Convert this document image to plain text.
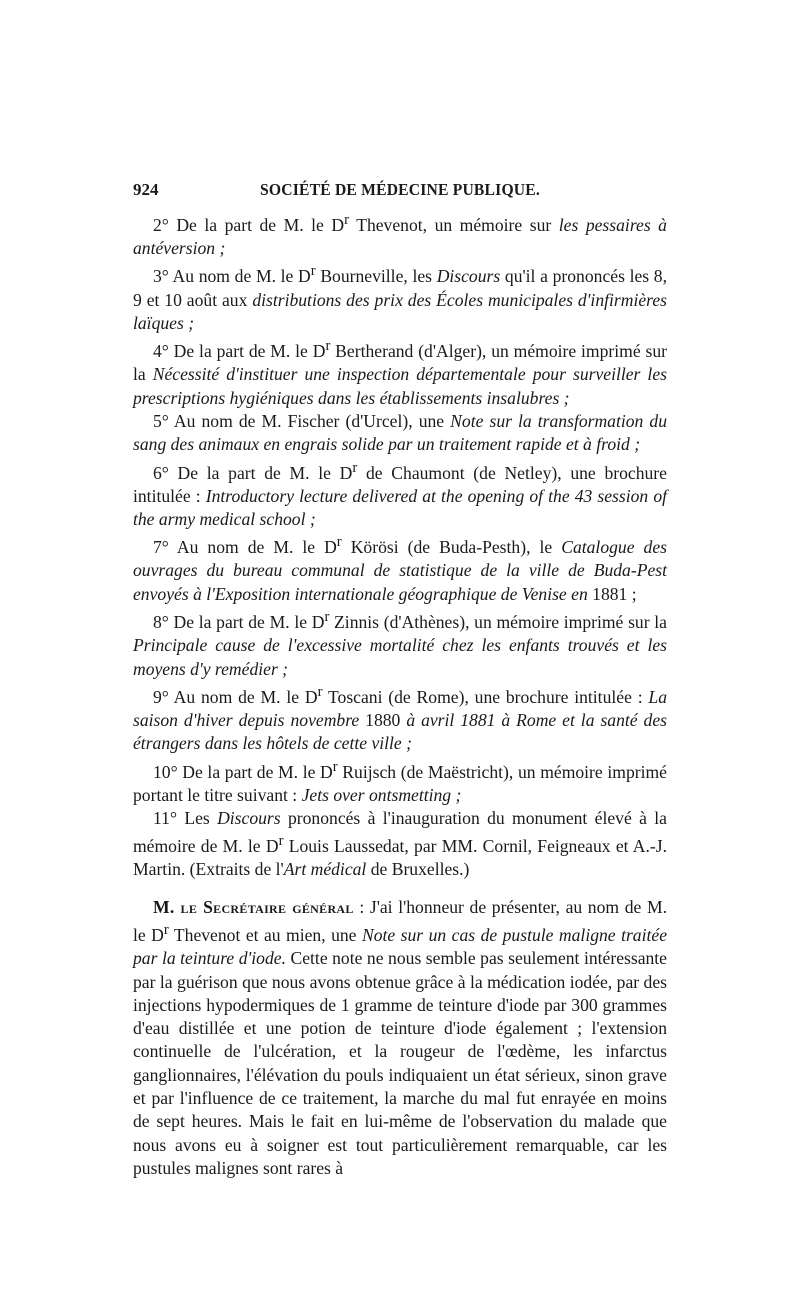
924	SOCIÉTÉ DE MÉDECINE PUBLIQUE.

2° De la part de M. le $D^r$ Thevenot, un mémoire sur les pessaires à antéversion ;

3° Au nom de M. le $D^r$ Bourneville, les Discours qu'il a prononcés les 8, 9 et 10 août aux distributions des prix des Écoles municipales d'infirmières laïques ;

4° De la part de M. le $D^r$ Bertherand (d'Alger), un mémoire imprimé sur la Nécessité d'instituer une inspection départementale pour surveiller les prescriptions hygiéniques dans les établissements insalubres ;

5° Au nom de M. Fischer (d'Urcel), une Note sur la transformation du sang des animaux en engrais solide par un traitement rapide et à froid ;

6° De la part de M. le $D^r$ de Chaumont (de Netley), une brochure intitulée : Introductory lecture delivered at the opening of the 43 session of the army medical school ;

7° Au nom de M. le $D^r$ Körösi (de Buda-Pesth), le Catalogue des ouvrages du bureau communal de statistique de la ville de Buda-Pest envoyés à l'Exposition internationale géographique de Venise en 1881 ;

8° De la part de M. le $D^r$ Zinnis (d'Athènes), un mémoire imprimé sur la Principale cause de l'excessive mortalité chez les enfants trouvés et les moyens d'y remédier ;

9° Au nom de M. le $D^r$ Toscani (de Rome), une brochure intitulée : La saison d'hiver depuis novembre 1880 à avril 1881 à Rome et la santé des étrangers dans les hôtels de cette ville ;

10° De la part de M. le $D^r$ Ruijsch (de Maëstricht), un mémoire imprimé portant le titre suivant : Jets over ontsmetting ;

11° Les Discours prononcés à l'inauguration du monument élevé à la mémoire de M. le $D^r$ Louis Laussedat, par MM. Cornil, Feigneaux et A.-J. Martin. (Extraits de l'Art médical de Bruxelles.)

M. le Secrétaire général : J'ai l'honneur de présenter, au nom de M. le $D^r$ Thevenot et au mien, une Note sur un cas de pustule maligne traitée par la teinture d'iode. Cette note ne nous semble pas seulement intéressante par la guérison que nous avons obtenue grâce à la médication iodée, par des injections hypodermiques de 1 gramme de teinture d'iode par 300 grammes d'eau distillée et une potion de teinture d'iode également ; l'extension continuelle de l'ulcération, et la rougeur de l'œdème, les infarctus ganglionnaires, l'élévation du pouls indiquaient un état sérieux, sinon grave et par l'influence de ce traitement, la marche du mal fut enrayée en moins de sept heures. Mais le fait en lui-même de l'observation du malade que nous avons eu à soigner est tout particulièrement remarquable, car les pustules malignes sont rares à
